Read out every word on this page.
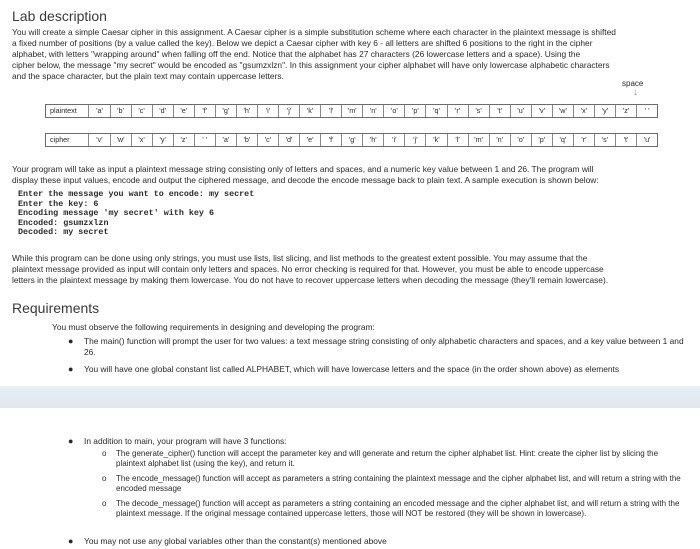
Lab description
You will create a simple Caesar cipher in this assignment. A Caesar cipher is a simple substitution scheme where each character in the plaintext message is shifted
a fixed number of positions (by a value called the key). Below we depict a Caesar cipher with key 6 - all letters are shifted 6 positions to the right in the cipher
alphabet, with letters "wrapping around" when falling off the end. Notice that the alphabet has 27 characters (26 lowercase letters and a space). Using the
cipher below, the message "my secret" would be encoded as "gsumzxlzn". In this assignment your cipher alphabet will have only lowercase alphabetic characters
and the space character, but the plain text may contain uppercase letters.
space
↓
plaintext	'a'	'b'	'c'	'd'	'e'	'f'	'g'	'h'	'i'	'j'	'k'	'l'	'm'	'n'	'o'	'p'	'q'	'r'	's'	't'	'u'	'v'	'w'	'x'	'y'	'z'	' '
cipher	'v'	'w'	'x'	'y'	'z'	' '	'a'	'b'	'c'	'd'	'e'	'f'	'g'	'h'	'i'	'j'	'k'	'l'	'm'	'n'	'o'	'p'	'q'	'r'	's'	't'	'u'
Your program will take as input a plaintext message string consisting only of letters and spaces, and a numeric key value between 1 and 26. The program will
display these input values, encode and output the ciphered message, and decode the encode message back to plain text. A sample execution is shown below:
Enter the message you want to encode: my secret
Enter the key: 6
Encoding message 'my secret' with key 6
Encoded: gsumzxlzn
Decoded: my secret
While this program can be done using only strings, you must use lists, list slicing, and list methods to the greatest extent possible. You may assume that the
plaintext message provided as input will contain only letters and spaces. No error checking is required for that. However, you must be able to encode uppercase
letters in the plaintext message by making them lowercase. You do not have to recover uppercase letters when decoding the message (they'll remain lowercase).
Requirements
You must observe the following requirements in designing and developing the program:
● The main() function will prompt the user for two values: a text message string consisting of only alphabetic characters and spaces, and a key value between 1 and 26.
● You will have one global constant list called ALPHABET, which will have lowercase letters and the space (in the order shown above) as elements
● In addition to main, your program will have 3 functions:
o The generate_cipher() function will accept the parameter key and will generate and return the cipher alphabet list. Hint: create the cipher list by slicing the plaintext alphabet list (using the key), and return it.
o The encode_message() function will accept as parameters a string containing the plaintext message and the cipher alphabet list, and will return a string with the encoded message
o The decode_message() function will accept as parameters a string containing an encoded message and the cipher alphabet list, and will return a string with the plaintext message. If the original message contained uppercase letters, those will NOT be restored (they will be shown in lowercase).
● You may not use any global variables other than the constant(s) mentioned above
